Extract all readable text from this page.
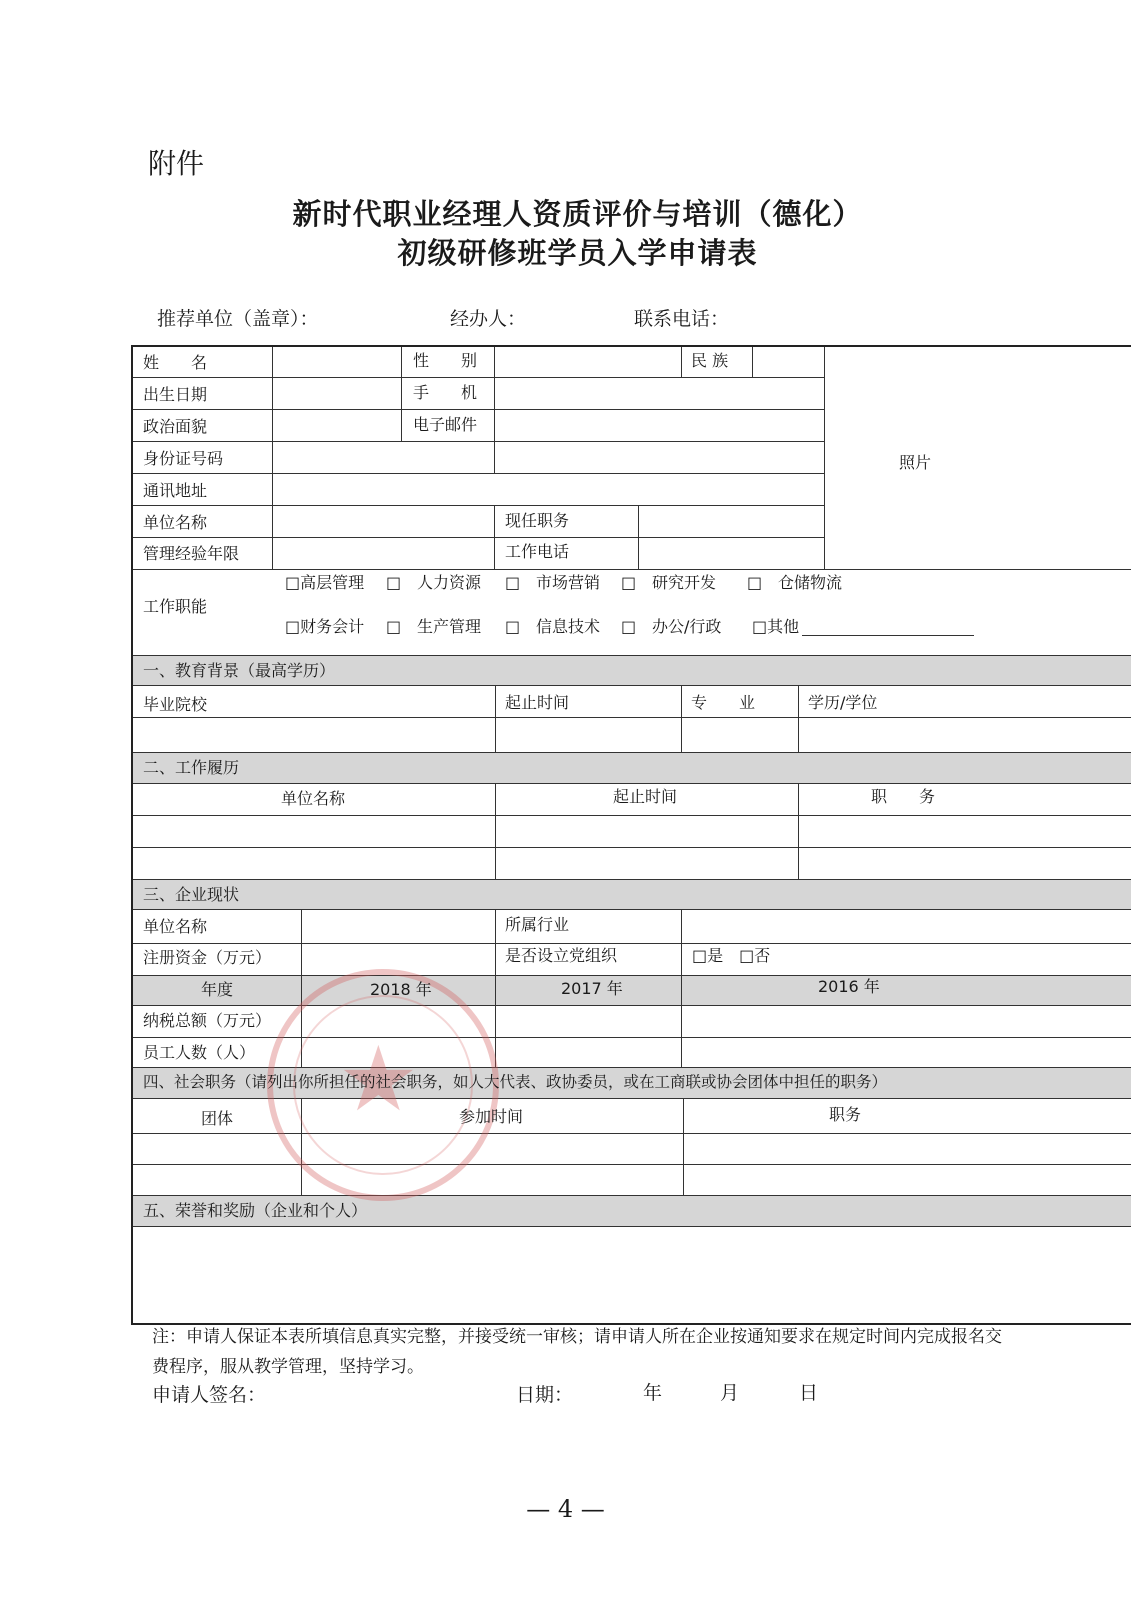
附件
新时代职业经理人资质评价与培训（德化）
初级研修班学员入学申请表
推荐单位（盖章）：	经办人：	联系电话：
★
姓　　名	性　　别	民 族
出生日期	手　　机
政治面貌	电子邮件
身份证号码
通讯地址
单位名称	现任职务
管理经验年限	工作电话
照片
工作职能
□高层管理 □ 人力资源 □ 市场营销 □ 研究开发 □ 仓储物流
□财务会计 □ 生产管理 □ 信息技术 □ 办公/行政 □其他
一、教育背景（最高学历）
毕业院校	起止时间	专　　业	学历/学位
二、工作履历
单位名称	起止时间	职　　务
三、企业现状
单位名称	所属行业
注册资金（万元）	是否设立党组织	□是　□否
年度	2018 年	2017 年	2016 年
纳税总额（万元）
员工人数（人）
四、社会职务（请列出你所担任的社会职务，如人大代表、政协委员，或在工商联或协会团体中担任的职务）
团体	参加时间	职务
五、荣誉和奖励（企业和个人）
注：申请人保证本表所填信息真实完整，并接受统一审核；请申请人所在企业按通知要求在规定时间内完成报名交
费程序，服从教学管理，坚持学习。
申请人签名：	日期：	年	月	日
— 4 —
